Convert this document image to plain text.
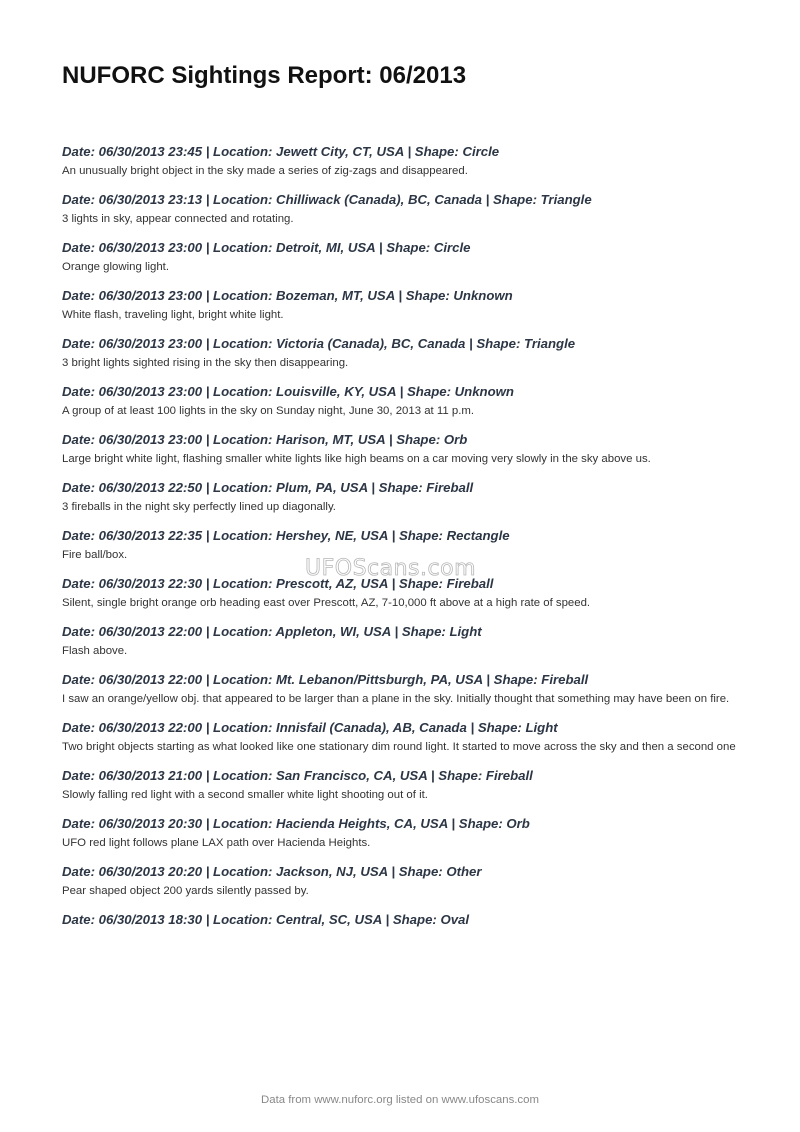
NUFORC Sightings Report: 06/2013
Date: 06/30/2013 23:45 | Location: Jewett City, CT, USA | Shape: Circle
An unusually bright object in the sky made a series of zig-zags and disappeared.
Date: 06/30/2013 23:13 | Location: Chilliwack (Canada), BC, Canada | Shape: Triangle
3 lights in sky, appear connected and rotating.
Date: 06/30/2013 23:00 | Location: Detroit, MI, USA | Shape: Circle
Orange glowing light.
Date: 06/30/2013 23:00 | Location: Bozeman, MT, USA | Shape: Unknown
White flash, traveling light, bright white light.
Date: 06/30/2013 23:00 | Location: Victoria (Canada), BC, Canada | Shape: Triangle
3 bright lights sighted rising in the sky then disappearing.
Date: 06/30/2013 23:00 | Location: Louisville, KY, USA | Shape: Unknown
A group of at least 100 lights in the sky on Sunday night, June 30, 2013 at 11 p.m.
Date: 06/30/2013 23:00 | Location: Harison, MT, USA | Shape: Orb
Large bright white light, flashing smaller white lights like high beams on a car moving very slowly in the sky above us.
Date: 06/30/2013 22:50 | Location: Plum, PA, USA | Shape: Fireball
3 fireballs in the night sky perfectly lined up diagonally.
Date: 06/30/2013 22:35 | Location: Hershey, NE, USA | Shape: Rectangle
Fire ball/box.
Date: 06/30/2013 22:30 | Location: Prescott, AZ, USA | Shape: Fireball
Silent, single bright orange orb heading east over Prescott, AZ, 7-10,000 ft above at a high rate of speed.
Date: 06/30/2013 22:00 | Location: Appleton, WI, USA | Shape: Light
Flash above.
Date: 06/30/2013 22:00 | Location: Mt. Lebanon/Pittsburgh, PA, USA | Shape: Fireball
I saw an orange/yellow obj. that appeared to be larger than a plane in the sky. Initially thought that something may have been on fire.
Date: 06/30/2013 22:00 | Location: Innisfail (Canada), AB, Canada | Shape: Light
Two bright objects starting as what looked like one stationary dim round light. It started to move across the sky and then a second one
Date: 06/30/2013 21:00 | Location: San Francisco, CA, USA | Shape: Fireball
Slowly falling red light with a second smaller white light shooting out of it.
Date: 06/30/2013 20:30 | Location: Hacienda Heights, CA, USA | Shape: Orb
UFO red light follows plane LAX path over Hacienda Heights.
Date: 06/30/2013 20:20 | Location: Jackson, NJ, USA | Shape: Other
Pear shaped object 200 yards silently passed by.
Date: 06/30/2013 18:30 | Location: Central, SC, USA | Shape: Oval
UFOScans.com
Data from www.nuforc.org listed on www.ufoscans.com
